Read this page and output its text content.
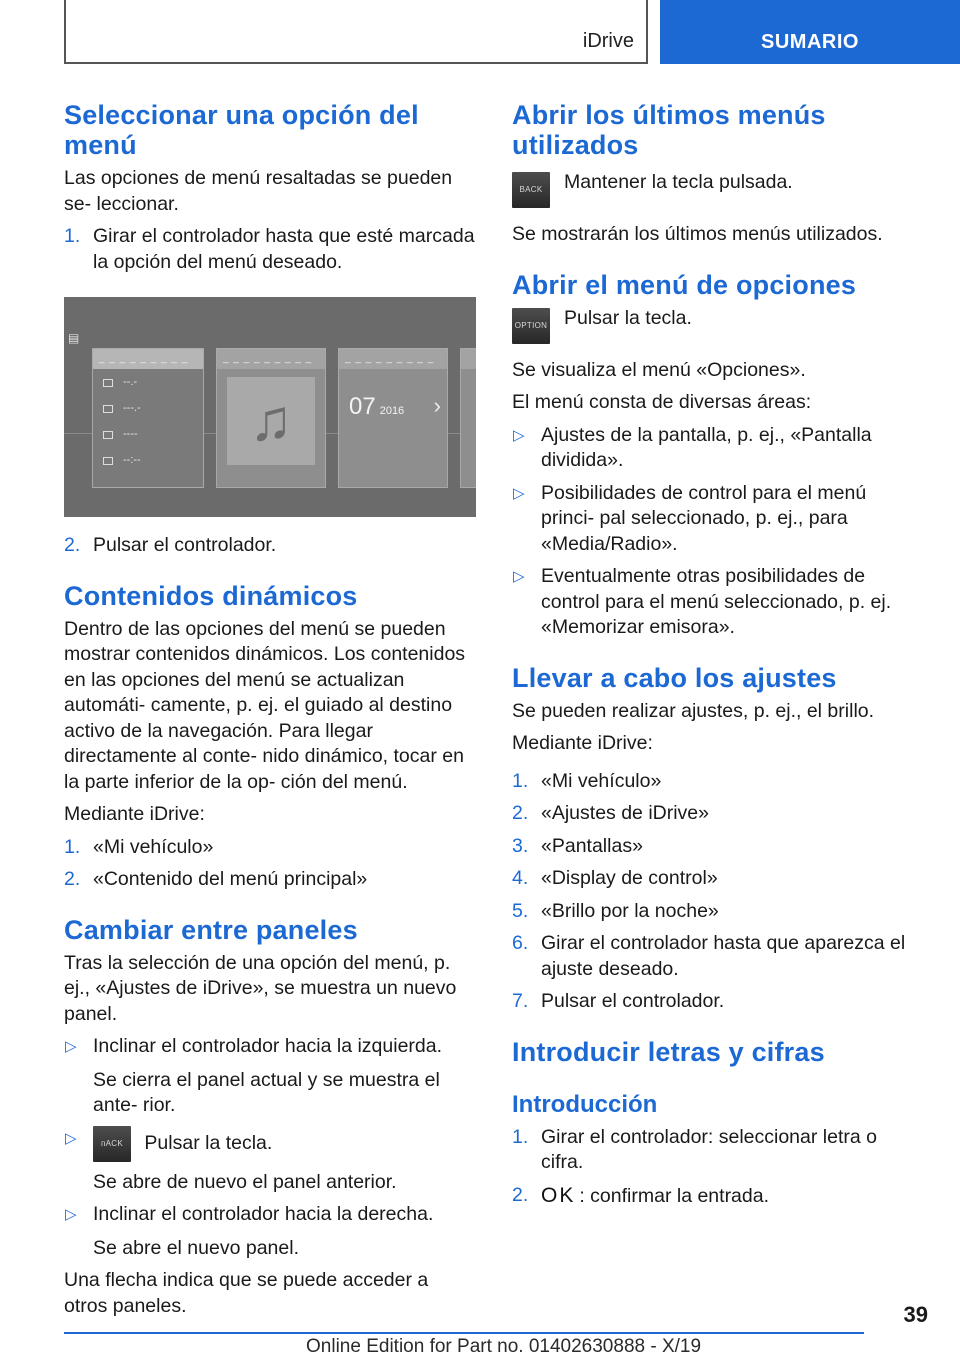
iDrive	SUMARIO
Seleccionar una opción del menú

Las opciones de menú resaltadas se pueden se‐ leccionar.

1. Girar el controlador hasta que esté marcada la opción del menú deseado.
▤
_ _ _ _ _ _ _ _ _
--.-
---.-
----
--:--
_ _ _ _ _ _ _ _ _
♫
_ _ _ _ _ _ _ _ _
07 2016 ›
2. Pulsar el controlador.
Contenidos dinámicos

Dentro de las opciones del menú se pueden mostrar contenidos dinámicos. Los contenidos en las opciones del menú se actualizan automáti‐ camente, p. ej. el guiado al destino activo de la navegación. Para llegar directamente al conte‐ nido dinámico, tocar en la parte inferior de la op‐ ción del menú.

Mediante iDrive:

1. «Mi vehículo»
2. «Contenido del menú principal»
Cambiar entre paneles

Tras la selección de una opción del menú, p. ej., «Ajustes de iDrive», se muestra un nuevo panel.

▷ Inclinar el controlador hacia la izquierda.
Se cierra el panel actual y se muestra el ante‐ rior.
▷	ᴨACK Pulsar la tecla.
Se abre de nuevo el panel anterior.
▷ Inclinar el controlador hacia la derecha.
Se abre el nuevo panel.

Una flecha indica que se puede acceder a otros paneles.

Abrir los últimos menús utilizados
BACK	Mantener la tecla pulsada.

Se mostrarán los últimos menús utilizados.

Abrir el menú de opciones
OPTION Pulsar la tecla.

Se visualiza el menú «Opciones».

El menú consta de diversas áreas:

▷ Ajustes de la pantalla, p. ej., «Pantalla dividida».
▷ Posibilidades de control para el menú princi‐ pal seleccionado, p. ej., para «Media/Radio».
▷ Eventualmente otras posibilidades de control para el menú seleccionado, p. ej. «Memorizar emisora».
Llevar a cabo los ajustes

Se pueden realizar ajustes, p. ej., el brillo.

Mediante iDrive:

1. «Mi vehículo»
2. «Ajustes de iDrive»
3. «Pantallas»
4. «Display de control»
5. «Brillo por la noche»
6. Girar el controlador hasta que aparezca el ajuste deseado.
7. Pulsar el controlador.
Introducir letras y cifras
Introducción
1. Girar el controlador: seleccionar letra o cifra.
2. OK : confirmar la entrada.
39
Online Edition for Part no. 01402630888 - X/19
